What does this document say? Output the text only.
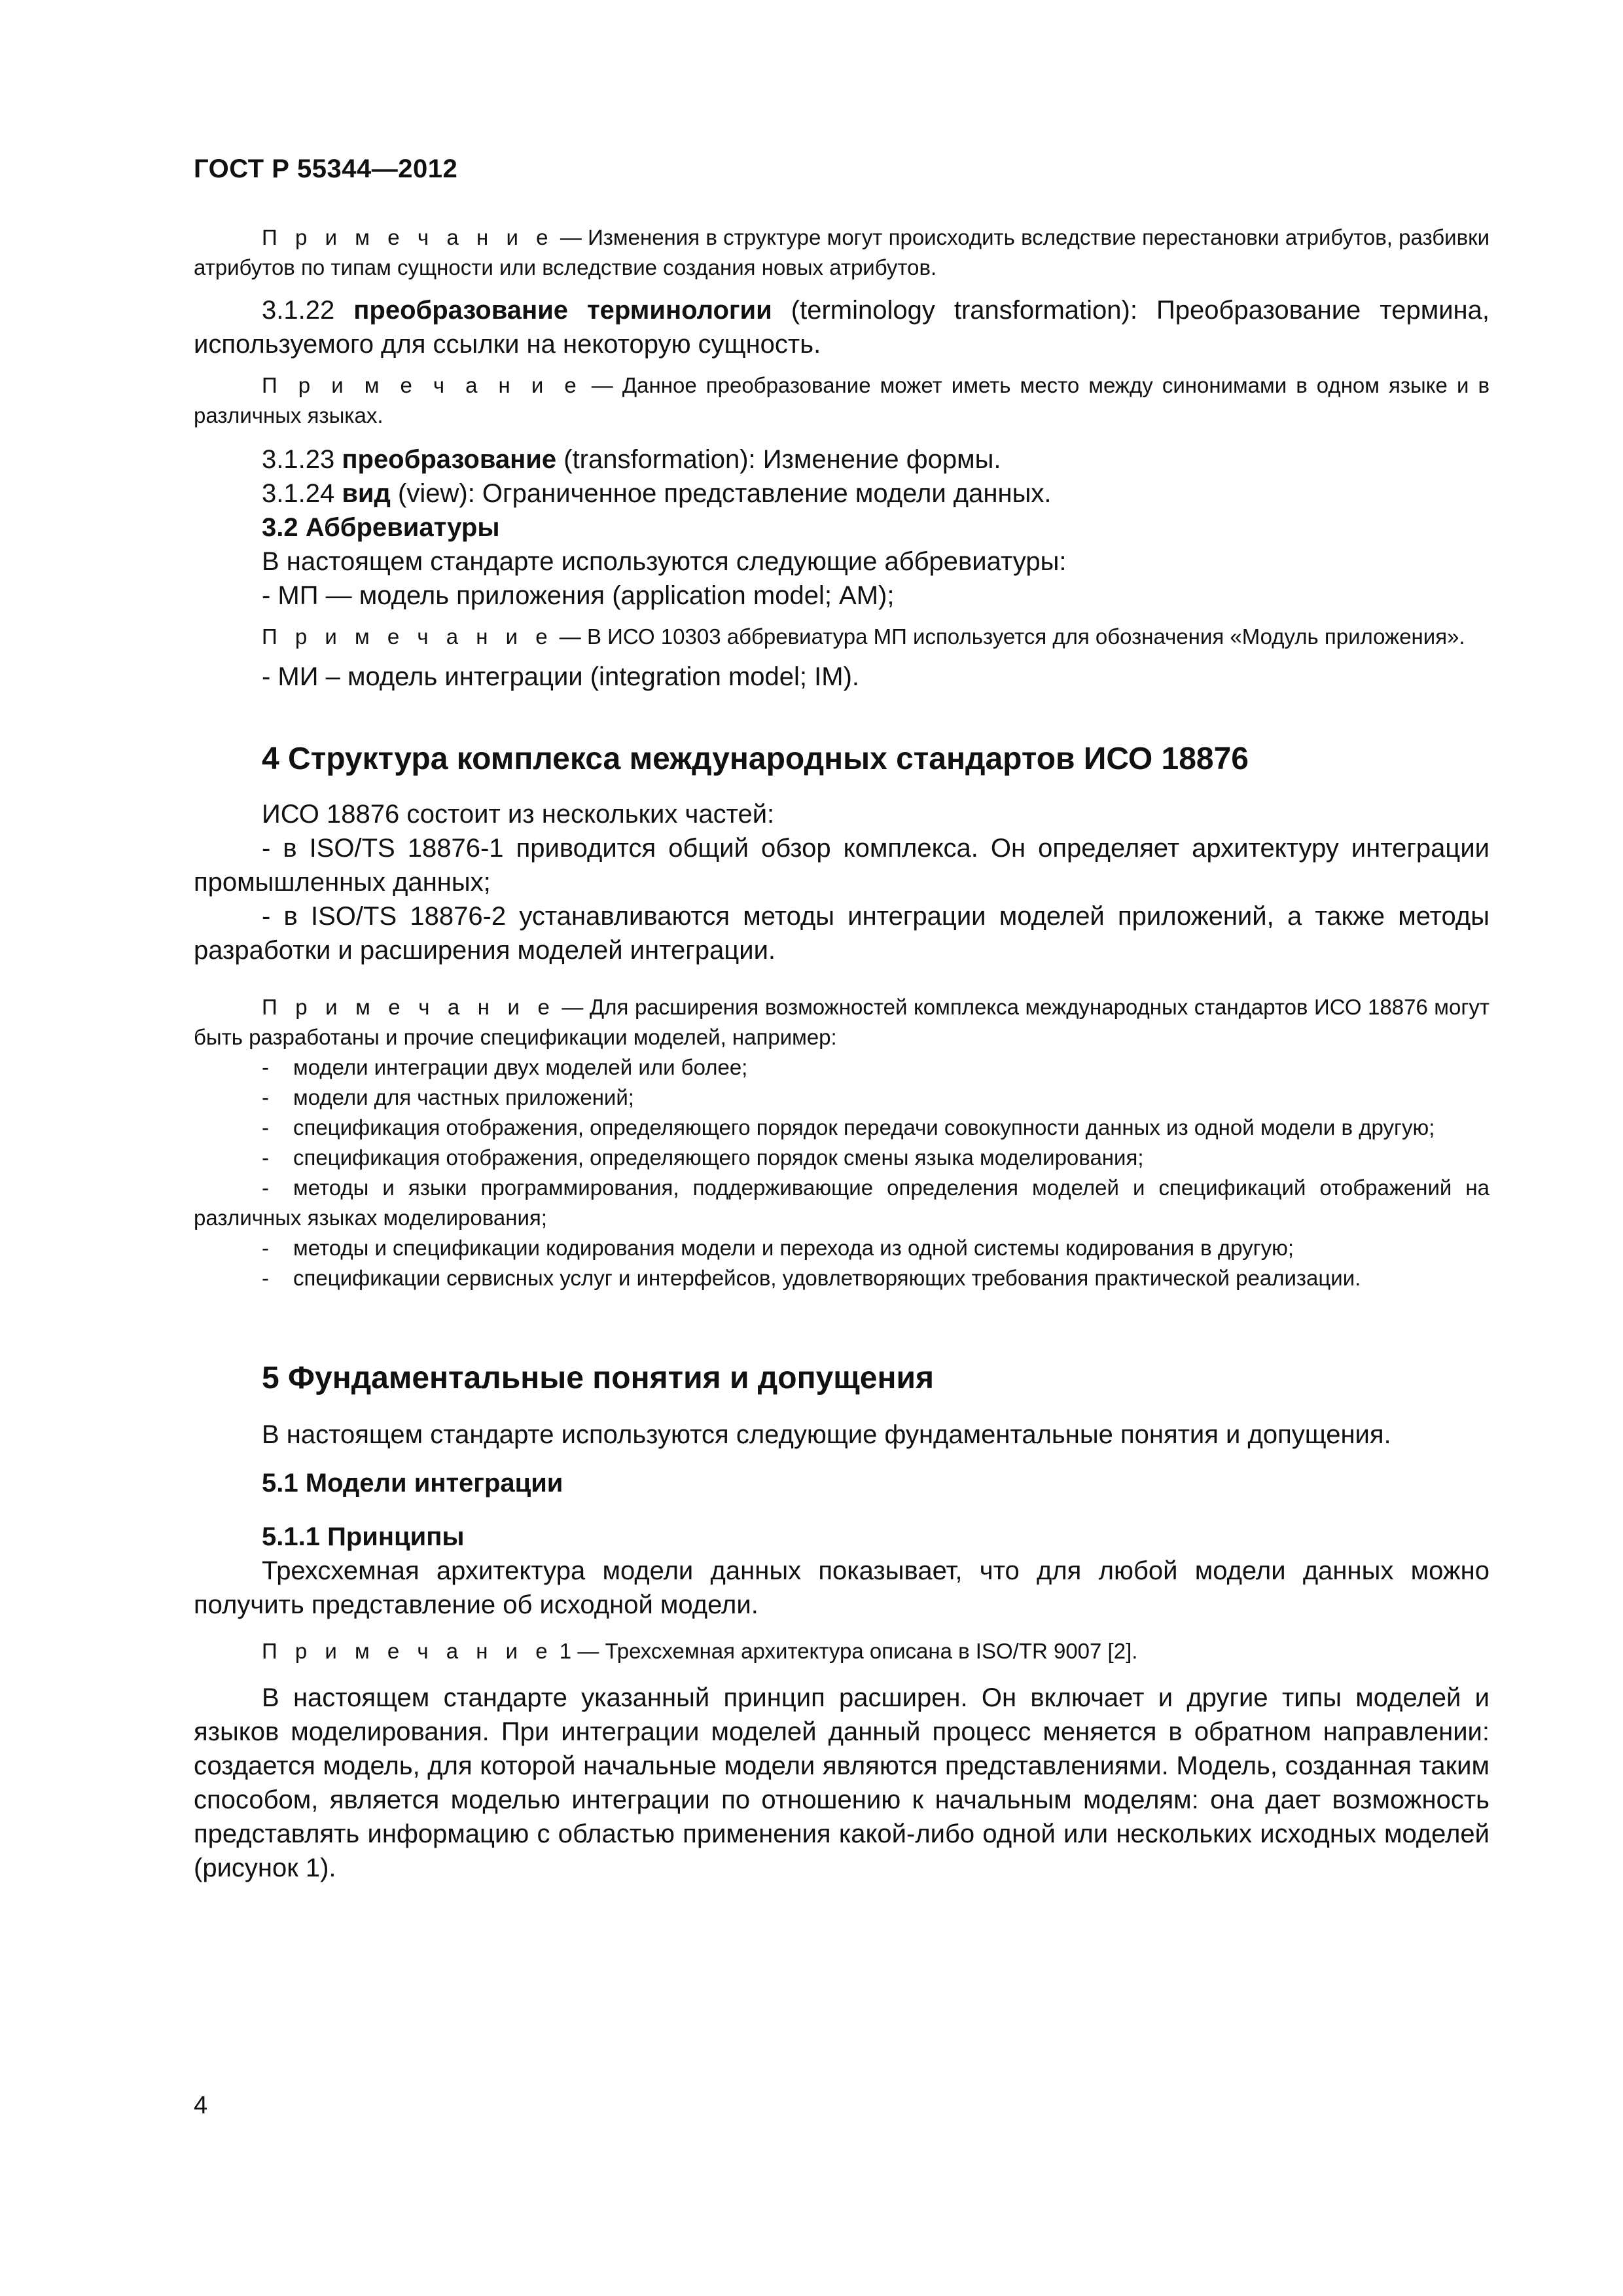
ГОСТ Р 55344—2012

П р и м е ч а н и е — Изменения в структуре могут происходить вследствие перестановки атрибутов, разбивки атрибутов по типам сущности или вследствие создания новых атрибутов.

3.1.22 преобразование терминологии (terminology transformation): Преобразование термина, используемого для ссылки на некоторую сущность.

П р и м е ч а н и е — Данное преобразование может иметь место между синонимами в одном языке и в различных языках.

3.1.23 преобразование (transformation): Изменение формы.

3.1.24 вид (view): Ограниченное представление модели данных.

3.2 Аббревиатуры

В настоящем стандарте используются следующие аббревиатуры:

- МП — модель приложения (application model; АМ);

П р и м е ч а н и е — В ИСО 10303 аббревиатура МП используется для обозначения «Модуль приложения».

- МИ – модель интеграции (integration model; IM).

4 Структура комплекса международных стандартов ИСО 18876

ИСО 18876 состоит из нескольких частей:

- в ISO/TS 18876-1 приводится общий обзор комплекса. Он определяет архитектуру интеграции промышленных данных;

- в ISO/TS 18876-2 устанавливаются методы интеграции моделей приложений, а также методы разработки и расширения моделей интеграции.

П р и м е ч а н и е — Для расширения возможностей комплекса международных стандартов ИСО 18876 могут быть разработаны и прочие спецификации моделей, например:

- модели интеграции двух моделей или более;

- модели для частных приложений;

- спецификация отображения, определяющего порядок передачи совокупности данных из одной модели в другую;

- спецификация отображения, определяющего порядок смены языка моделирования;

- методы и языки программирования, поддерживающие определения моделей и спецификаций отображений на различных языках моделирования;

- методы и спецификации кодирования модели и перехода из одной системы кодирования в другую;

- спецификации сервисных услуг и интерфейсов, удовлетворяющих требования практической реализации.

5 Фундаментальные понятия и допущения

В настоящем стандарте используются следующие фундаментальные понятия и допущения.

5.1 Модели интеграции

5.1.1 Принципы

Трехсхемная архитектура модели данных показывает, что для любой модели данных можно получить представление об исходной модели.

П р и м е ч а н и е 1 — Трехсхемная архитектура описана в ISO/TR 9007 [2].

В настоящем стандарте указанный принцип расширен. Он включает и другие типы моделей и языков моделирования. При интеграции моделей данный процесс меняется в обратном направлении: создается модель, для которой начальные модели являются представлениями. Модель, созданная таким способом, является моделью интеграции по отношению к начальным моделям: она дает возможность представлять информацию с областью применения какой-либо одной или нескольких исходных моделей (рисунок 1).

4
